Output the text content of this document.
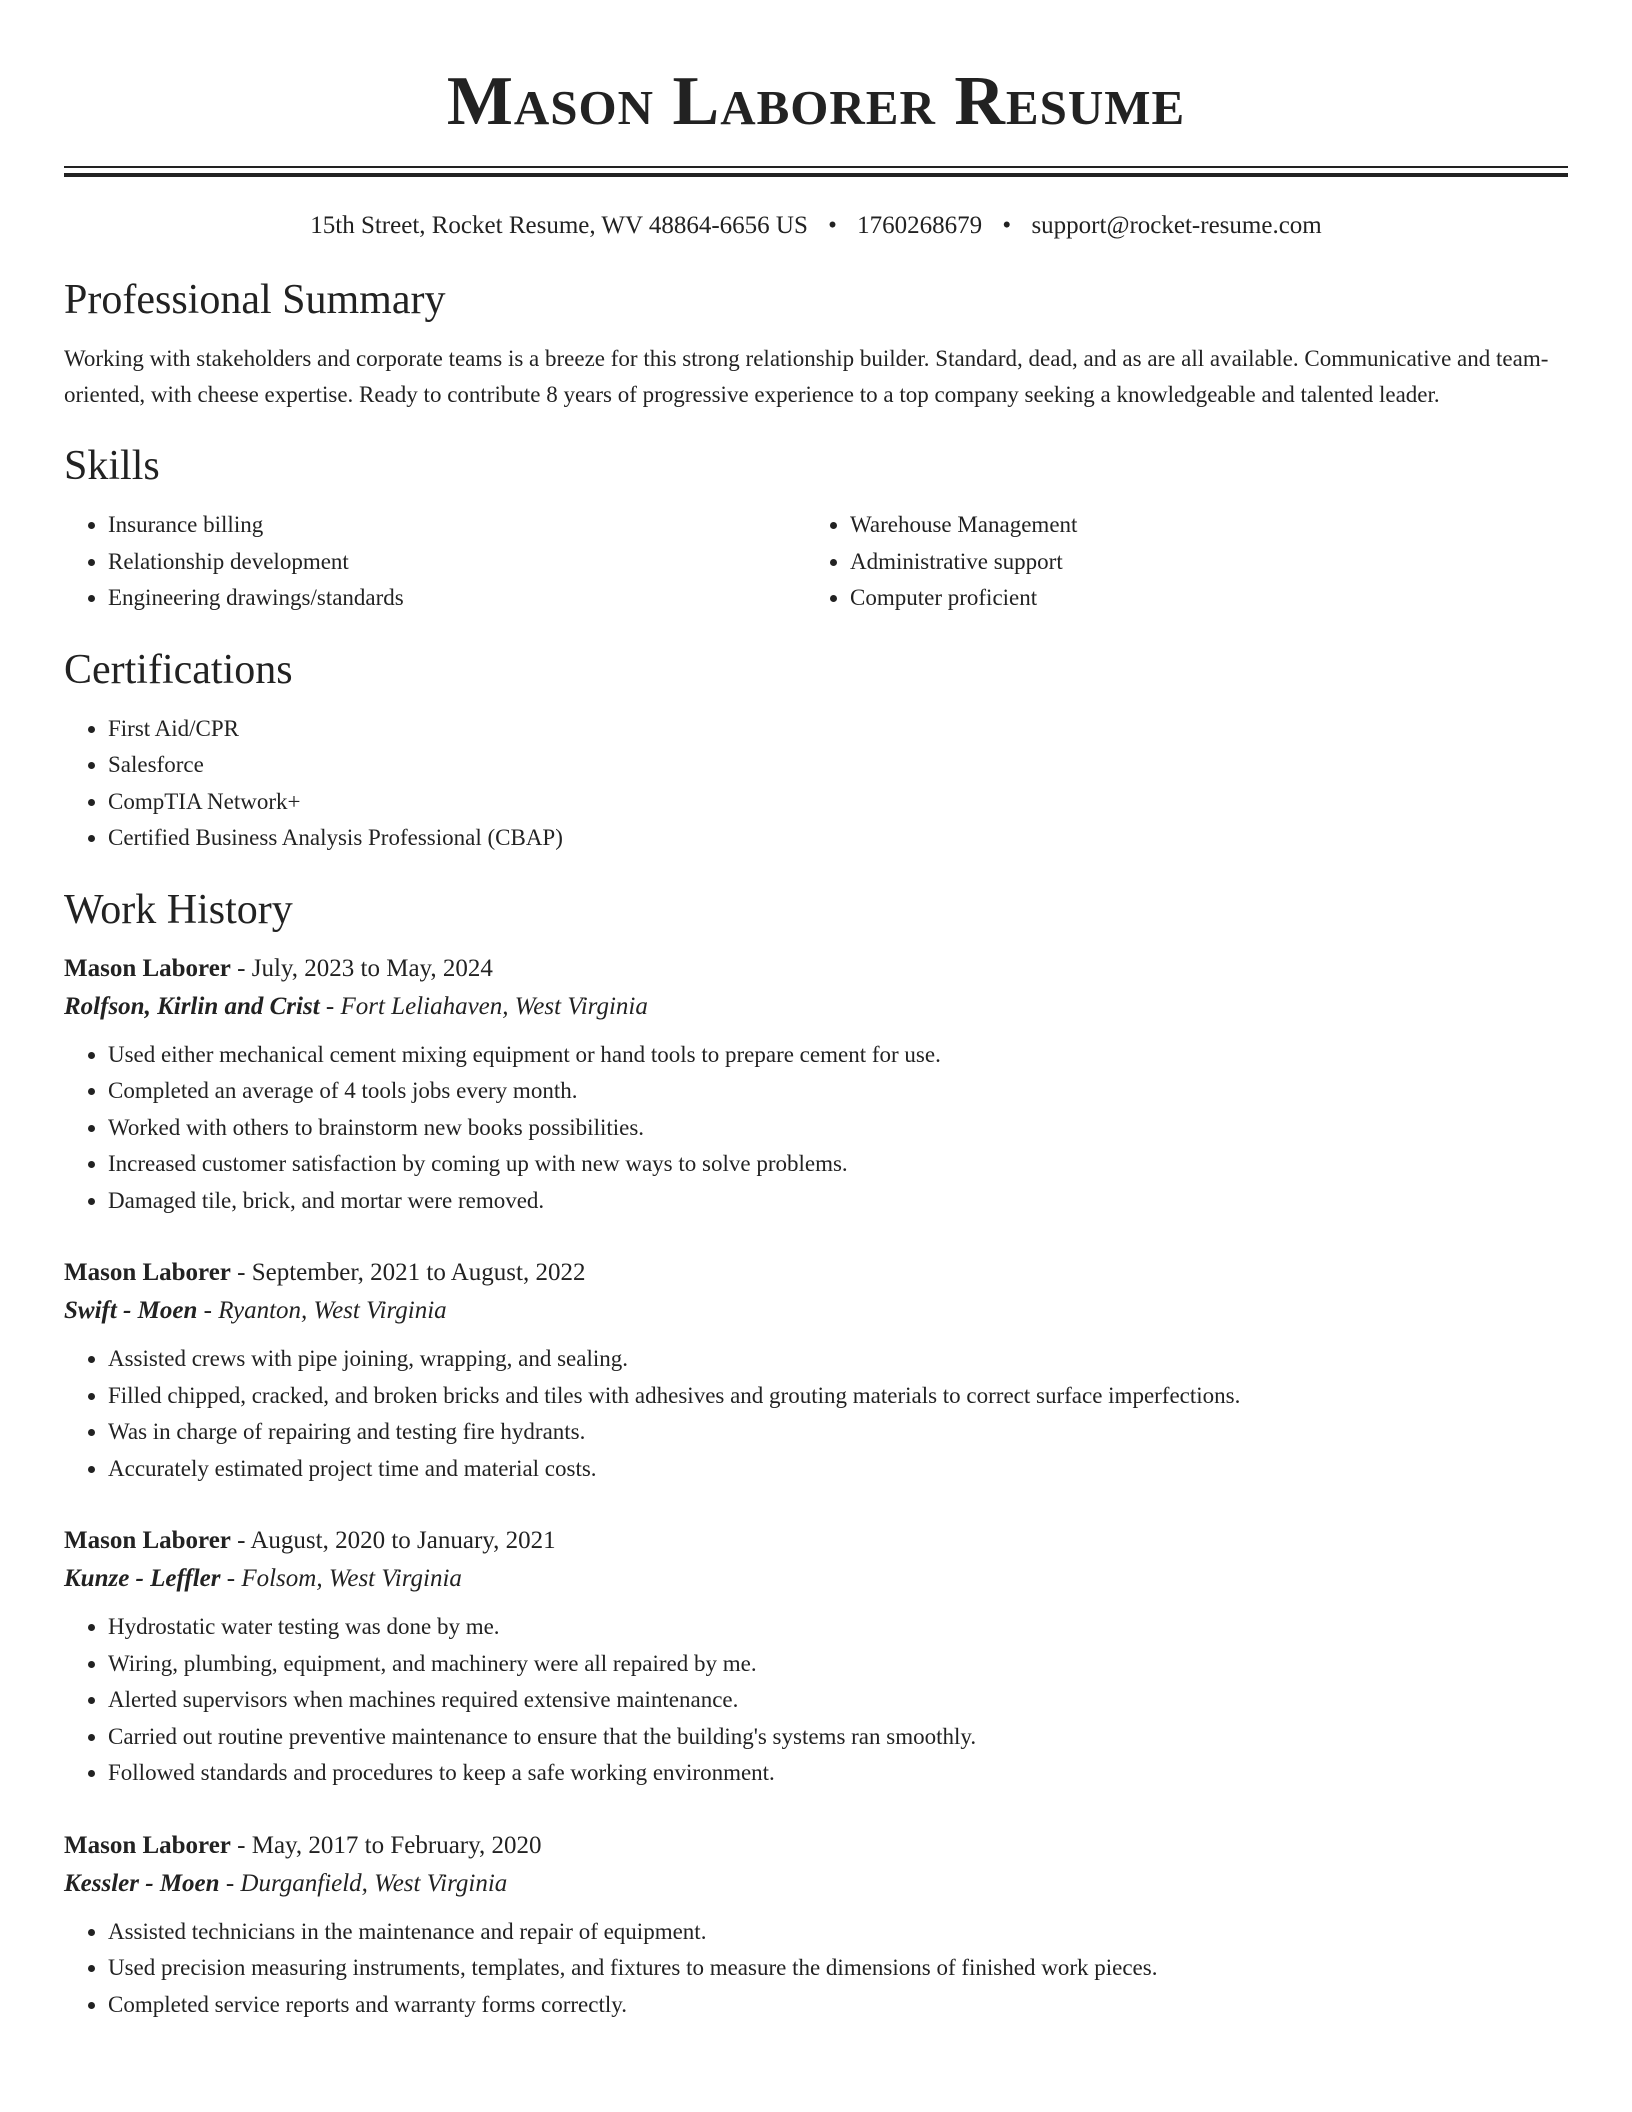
Mason Laborer Resume
15th Street, Rocket Resume, WV 48864-6656 US • 1760268679 • support@rocket-resume.com
Professional Summary

Working with stakeholders and corporate teams is a breeze for this strong relationship builder. Standard, dead, and as are all available. Communicative and team-oriented, with cheese expertise. Ready to contribute 8 years of progressive experience to a top company seeking a knowledgeable and talented leader.

Skills
• Insurance billing
• Relationship development
• Engineering drawings/standards
• Warehouse Management
• Administrative support
• Computer proficient
Certifications
• First Aid/CPR
• Salesforce
• CompTIA Network+
• Certified Business Analysis Professional (CBAP)
Work History
Mason Laborer - July, 2023 to May, 2024
Rolfson, Kirlin and Crist - Fort Leliahaven, West Virginia
• Used either mechanical cement mixing equipment or hand tools to prepare cement for use.
• Completed an average of 4 tools jobs every month.
• Worked with others to brainstorm new books possibilities.
• Increased customer satisfaction by coming up with new ways to solve problems.
• Damaged tile, brick, and mortar were removed.
Mason Laborer - September, 2021 to August, 2022
Swift - Moen - Ryanton, West Virginia
• Assisted crews with pipe joining, wrapping, and sealing.
• Filled chipped, cracked, and broken bricks and tiles with adhesives and grouting materials to correct surface imperfections.
• Was in charge of repairing and testing fire hydrants.
• Accurately estimated project time and material costs.
Mason Laborer - August, 2020 to January, 2021
Kunze - Leffler - Folsom, West Virginia
• Hydrostatic water testing was done by me.
• Wiring, plumbing, equipment, and machinery were all repaired by me.
• Alerted supervisors when machines required extensive maintenance.
• Carried out routine preventive maintenance to ensure that the building's systems ran smoothly.
• Followed standards and procedures to keep a safe working environment.
Mason Laborer - May, 2017 to February, 2020
Kessler - Moen - Durganfield, West Virginia
• Assisted technicians in the maintenance and repair of equipment.
• Used precision measuring instruments, templates, and fixtures to measure the dimensions of finished work pieces.
• Completed service reports and warranty forms correctly.
